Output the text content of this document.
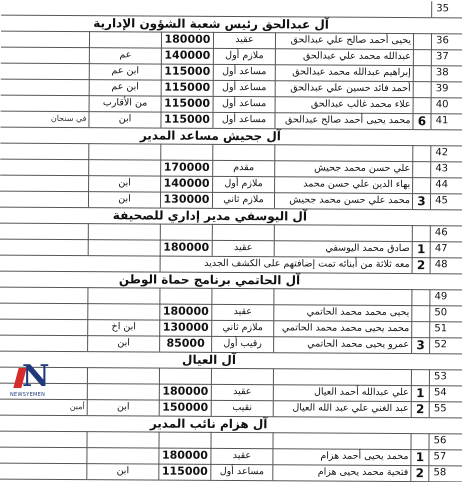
35
آل عبدالحق رئيس شعبة الشؤون الإدارية
36
يحيى أحمد صالح علي عبدالحق
عقيد
180000
37
عبدالله محمد علي عبدالحق
ملازم أول
140000
عم
38
إبراهيم عبدالله محمد عبدالحق
مساعد أول
115000
ابن عم
39
أحمد فائد حسين علي عبدالحق
مساعد أول
115000
ابن عم
40
علاء محمد غالب عبدالحق
مساعد أول
115000
من الأقارب
41
6
محمد يحيى أحمد صالح عبدالحق
مساعد أول
115000
ابن
في سنحان
آل جحيش مساعد المدير
42
43
علي حسن محمد جحيش
مقدم
170000
44
بهاء الدين علي حسن محمد
ملازم أول
140000
ابن
45
3
محمد علي حسن محمد جحيش
ملازم ثاني
130000
ابن
آل اليوسفي مدير إداري للصحيفة
46
47
1
صادق محمد اليوسفي
عقيد
180000
48
2
معه ثلاثة من أبنائه تمت إضافتهم على الكشف الجديد
آل الحاتمي برنامج حماة الوطن
49
50
يحيى محمد محمد الحاتمي
عقيد
180000
51
محمد يحيى محمد محمد الحاتمي
ملازم ثاني
130000
ابن اخ
52
3
عمرو يحيى محمد الحاتمي
رقيب أول
85000
ابن
آل العيال
53
54
1
علي عبدالله أحمد العيال
عقيد
180000
55
2
عبد الغني علي عبد الله العيال
نقيب
150000
ابن
أمين
آل هزام نائب المدير
56
57
1
محمد يحيى أحمد هزام
عقيد
180000
58
2
فتحية محمد يحيى هزام
مساعد أول
115000
ابن
N
NEWSYEMEN
